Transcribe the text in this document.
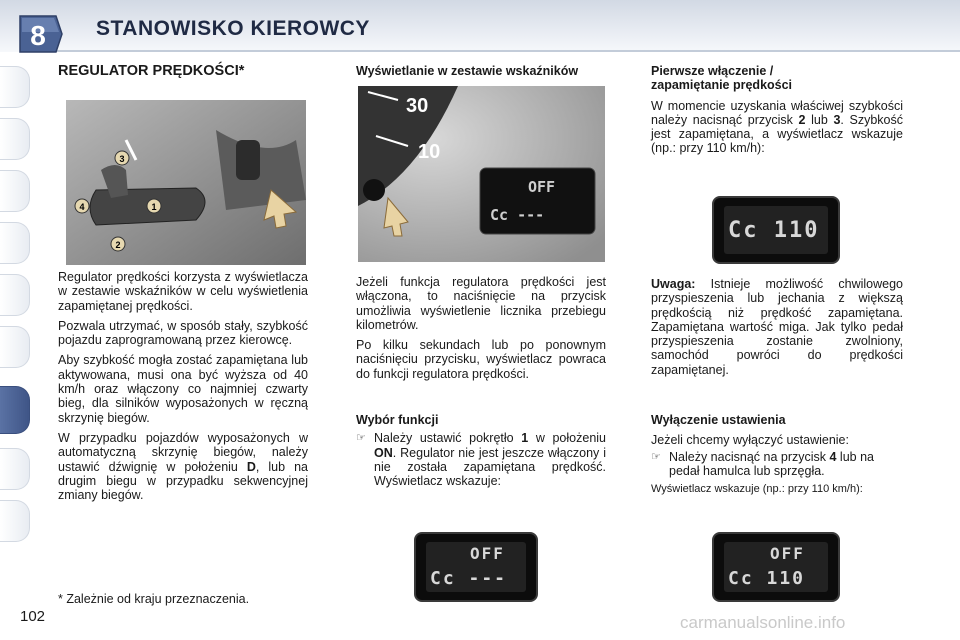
8 STANOWISKO KIEROWCY
REGULATOR PRĘDKOŚCI*
1
2
3
4

Regulator prędkości korzysta z wyświetlacza w zestawie wskaźników w celu wyświetlenia zapamiętanej prędkości.

Pozwala utrzymać, w sposób stały, szybkość pojazdu zaprogramowaną przez kierowcę.

Aby szybkość mogła zostać zapamiętana lub aktywowana, musi ona być wyższa od 40 km/h oraz włączony co najmniej czwarty bieg, dla silników wyposażonych w ręczną skrzynię biegów.

W przypadku pojazdów wyposażonych w automatyczną skrzynię biegów, należy ustawić dźwignię w położeniu D, lub na drugim biegu w przypadku sekwencyjnej zmiany biegów.

* Zależnie od kraju przeznaczenia.
Wyświetlanie w zestawie wskaźników
30
10
OFF
Cc ---

Jeżeli funkcja regulatora prędkości jest włączona, to naciśnięcie na przycisk umożliwia wyświetlenie licznika przebiegu kilometrów.

Po kilku sekundach lub po ponownym naciśnięciu przycisku, wyświetlacz powraca do funkcji regulatora prędkości.

Wybór funkcji
☞ Należy ustawić pokrętło 1 w położeniu ON. Regulator nie jest jeszcze włączony i nie została zapamiętana prędkość. Wyświetlacz wskazuje:
OFF
Cc ---
Pierwsze włączenie / zapamiętanie prędkości

W momencie uzyskania właściwej szybkości należy nacisnąć przycisk 2 lub 3. Szybkość jest zapamiętana, a wyświetlacz wskazuje (np.: przy 110 km/h):

Cc 110

Uwaga: Istnieje możliwość chwilowego przyspieszenia lub jechania z większą prędkością niż prędkość zapamiętana. Zapamiętana wartość miga. Jak tylko pedał przyspieszenia zostanie zwolniony, samochód powróci do prędkości zapamiętanej.

Wyłączenie ustawienia

Jeżeli chcemy wyłączyć ustawienie:

☞ Należy nacisnąć na przycisk 4 lub na pedał hamulca lub sprzęgła.

Wyświetlacz wskazuje (np.: przy 110 km/h):

OFF
Cc 110
102	carmanualsonline.info
